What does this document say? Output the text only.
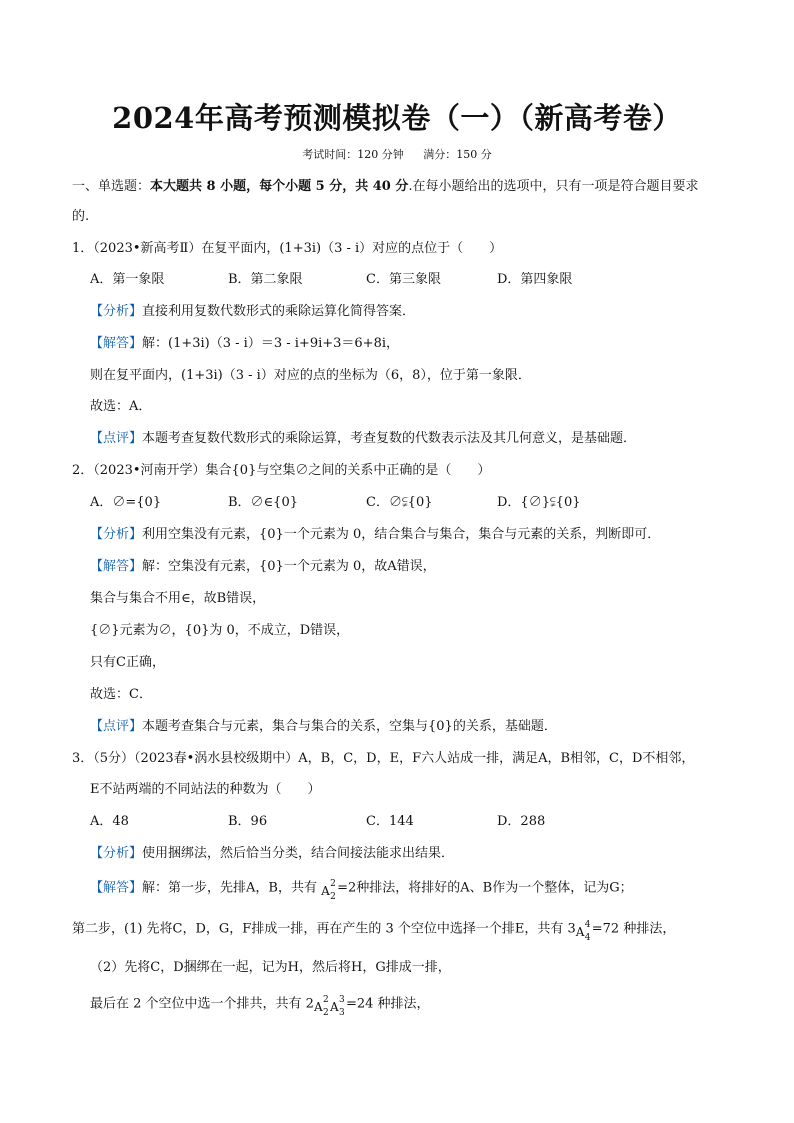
2024年高考预测模拟卷（一）（新高考卷）
考试时间：120 分钟 满分：150 分
一、单选题：本大题共 8 小题，每个小题 5 分，共 40 分.在每小题给出的选项中，只有一项是符合题目要求
的.
1．（2023•新高考Ⅱ）在复平面内，(1+3i)（3 - i）对应的点位于（　　）
A．第一象限	B．第二象限	C．第三象限	D．第四象限
【分析】直接利用复数代数形式的乘除运算化简得答案．
【解答】解：(1+3i)（3 - i）＝3 - i+9i+3＝6+8i，
则在复平面内，(1+3i)（3 - i）对应的点的坐标为（6，8），位于第一象限．
故选：A．
【点评】本题考查复数代数形式的乘除运算，考查复数的代数表示法及其几何意义，是基础题．
2．（2023•河南开学）集合{0}与空集∅之间的关系中正确的是（　　）
A．∅={0}	B．∅∈{0}	C．∅⫋{0}	D．{∅}⫋{0}
【分析】利用空集没有元素，{0}一个元素为 0，结合集合与集合，集合与元素的关系，判断即可．
【解答】解：空集没有元素，{0}一个元素为 0，故A错误，
集合与集合不用∈，故B错误，
{∅}元素为∅，{0}为 0，不成立，D错误，
只有C正确，
故选：C．
【点评】本题考查集合与元素，集合与集合的关系，空集与{0}的关系，基础题．
3．（5分）（2023春•涡水县校级期中）A，B，C，D，E，F六人站成一排，满足A，B相邻，C，D不相邻，
E不站两端的不同站法的种数为（　　）
A．48	B．96	C．144	D．288
【分析】使用捆绑法，然后恰当分类，结合间接法能求出结果．
【解答】解：第一步，先排A，B，共有 A 2
2
=2种排法，将排好的A、B作为一个整体，记为G；
第二步，(1) 先将C，D，G，F排成一排，再在产生的 3 个空位中选择一个排E，共有 3 A 4
4
=72 种排法，
（2）先将C，D捆绑在一起，记为H，然后将H，G排成一排，
最后在 2 个空位中选一个排共，共有 2 A 2
2 A 3
3
=24 种排法，
